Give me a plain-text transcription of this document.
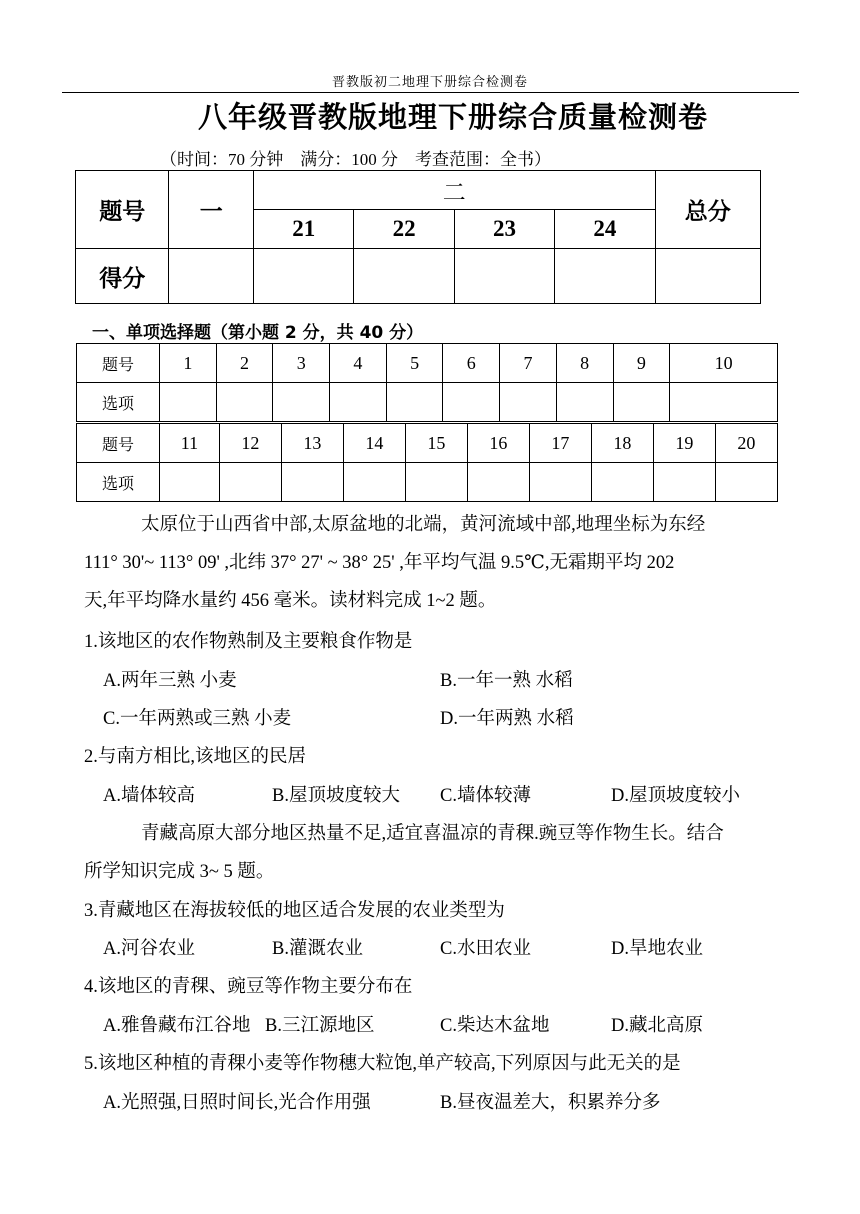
晋教版初二地理下册综合检测卷
八年级晋教版地理下册综合质量检测卷
（时间：70 分钟    满分：100 分    考查范围：全书）
题号	一	二				总分
		21	22	23	24	
得分						
一、单项选择题（第小题 2 分，共 40 分）
题号	1	2	3	4	5	6	7	8	9	10
选项										
题号	11	12	13	14	15	16	17	18	19	20
选项										
太原位于山西省中部,太原盆地的北端，黄河流域中部,地理坐标为东经
111° 30'~ 113° 09' ,北纬 37° 27' ~ 38° 25' ,年平均气温 9.5℃,无霜期平均 202
天,年平均降水量约 456 毫米。读材料完成 1~2 题。
1.该地区的农作物熟制及主要粮食作物是
A.两年三熟 小麦	B.一年一熟 水稻
C.一年两熟或三熟 小麦	D.一年两熟 水稻
2.与南方相比,该地区的民居
A.墙体较高	B.屋顶坡度较大 C.墙体较薄	D.屋顶坡度较小
青藏高原大部分地区热量不足,适宜喜温凉的青稞.豌豆等作物生长。结合
所学知识完成 3~ 5 题。
3.青藏地区在海拔较低的地区适合发展的农业类型为
A.河谷农业	B.灌溉农业	C.水田农业	D.旱地农业
4.该地区的青稞、豌豆等作物主要分布在
A.雅鲁藏布江谷地 B.三江源地区	C.柴达木盆地	D.藏北高原
5.该地区种植的青稞小麦等作物穗大粒饱,单产较高,下列原因与此无关的是
A.光照强,日照时间长,光合作用强	B.昼夜温差大，积累养分多
